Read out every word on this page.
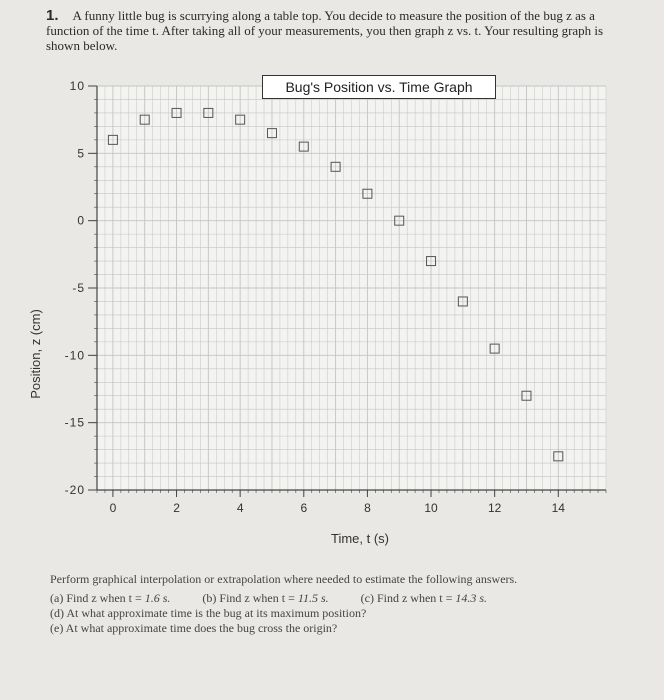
1. A funny little bug is scurrying along a table top. You decide to measure the position of the bug z as a function of the time t. After taking all of your measurements, you then graph z vs. t. Your resulting graph is shown below.
0	2	4	6	8	10	12	14
-20
-15
-10
-5
0
5
10
Time, t (s)
Position, z (cm)
Bug's Position vs. Time Graph
Perform graphical interpolation or extrapolation where needed to estimate the following answers.
(a) Find z when t = 1.6 s.	(b) Find z when t = 11.5 s.	(c) Find z when t = 14.3 s.
(d) At what approximate time is the bug at its maximum position?
(e) At what approximate time does the bug cross the origin?
